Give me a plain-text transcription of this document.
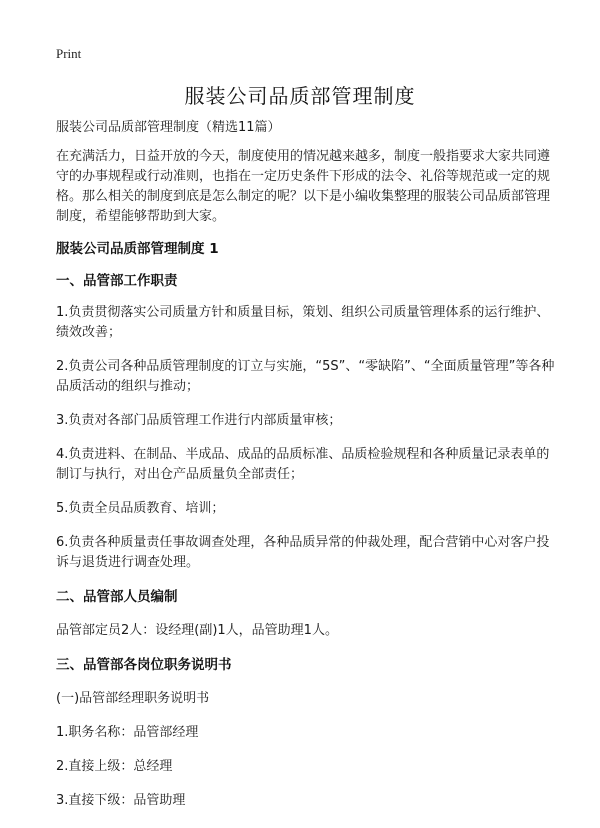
Print
服装公司品质部管理制度

服装公司品质部管理制度（精选11篇）

在充满活力，日益开放的今天，制度使用的情况越来越多，制度一般指要求大家共同遵守的办事规程或行动准则，也指在一定历史条件下形成的法令、礼俗等规范或一定的规格。那么相关的制度到底是怎么制定的呢？以下是小编收集整理的服装公司品质部管理制度，希望能够帮助到大家。

服装公司品质部管理制度 1

一、品管部工作职责

1.负责贯彻落实公司质量方针和质量目标，策划、组织公司质量管理体系的运行维护、绩效改善；

2.负责公司各种品质管理制度的订立与实施，“5S”、“零缺陷”、“全面质量管理”等各种品质活动的组织与推动；

3.负责对各部门品质管理工作进行内部质量审核；

4.负责进料、在制品、半成品、成品的品质标准、品质检验规程和各种质量记录表单的制订与执行，对出仓产品质量负全部责任；

5.负责全员品质教育、培训；

6.负责各种质量责任事故调查处理，各种品质异常的仲裁处理，配合营销中心对客户投诉与退货进行调查处理。

二、品管部人员编制

品管部定员2人：设经理(副)1人，品管助理1人。

三、品管部各岗位职务说明书

(一)品管部经理职务说明书

1.职务名称：品管部经理

2.直接上级：总经理

3.直接下级：品管助理
